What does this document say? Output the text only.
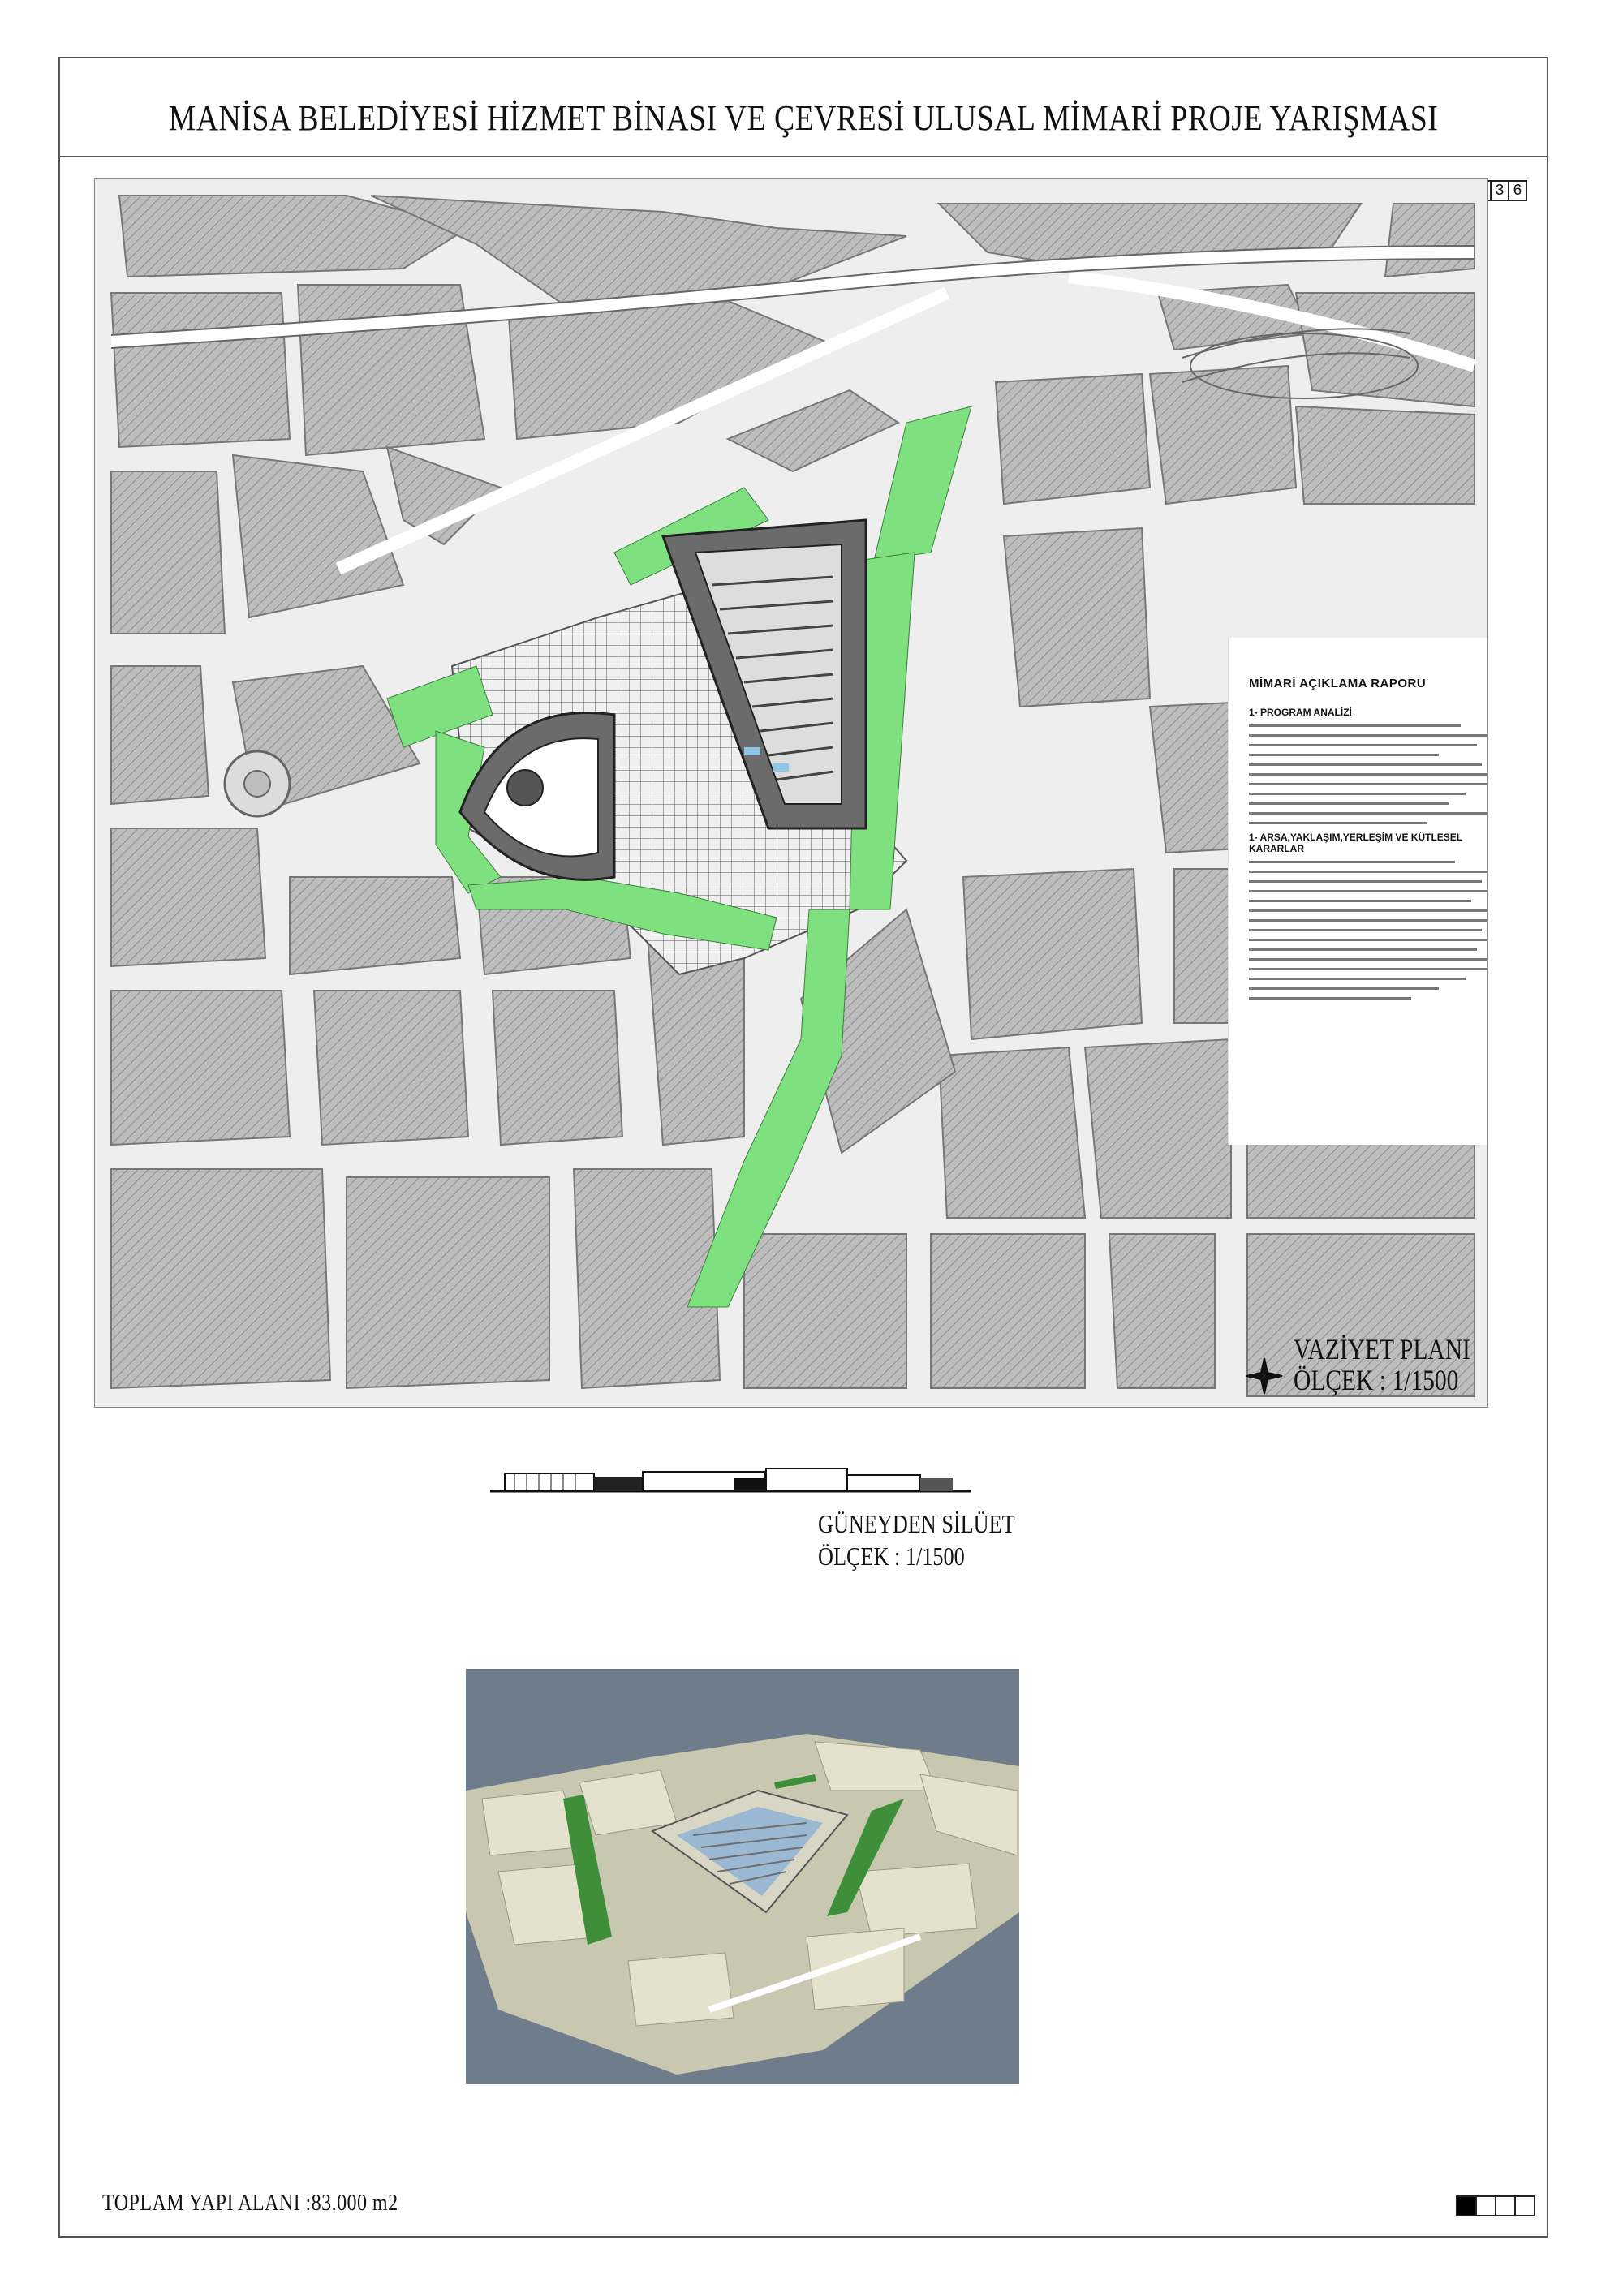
MANİSA BELEDİYESİ HİZMET BİNASI VE ÇEVRESİ ULUSAL MİMARİ PROJE YARIŞMASI
3 6
MİMARİ AÇIKLAMA RAPORU
1- PROGRAM ANALİZİ
1- ARSA,YAKLAŞIM,YERLEŞİM VE KÜTLESEL KARARLAR
VAZİYET PLANI
ÖLÇEK : 1/1500
GÜNEYDEN SİLÜET
ÖLÇEK : 1/1500
TOPLAM YAPI ALANI :83.000 m2
